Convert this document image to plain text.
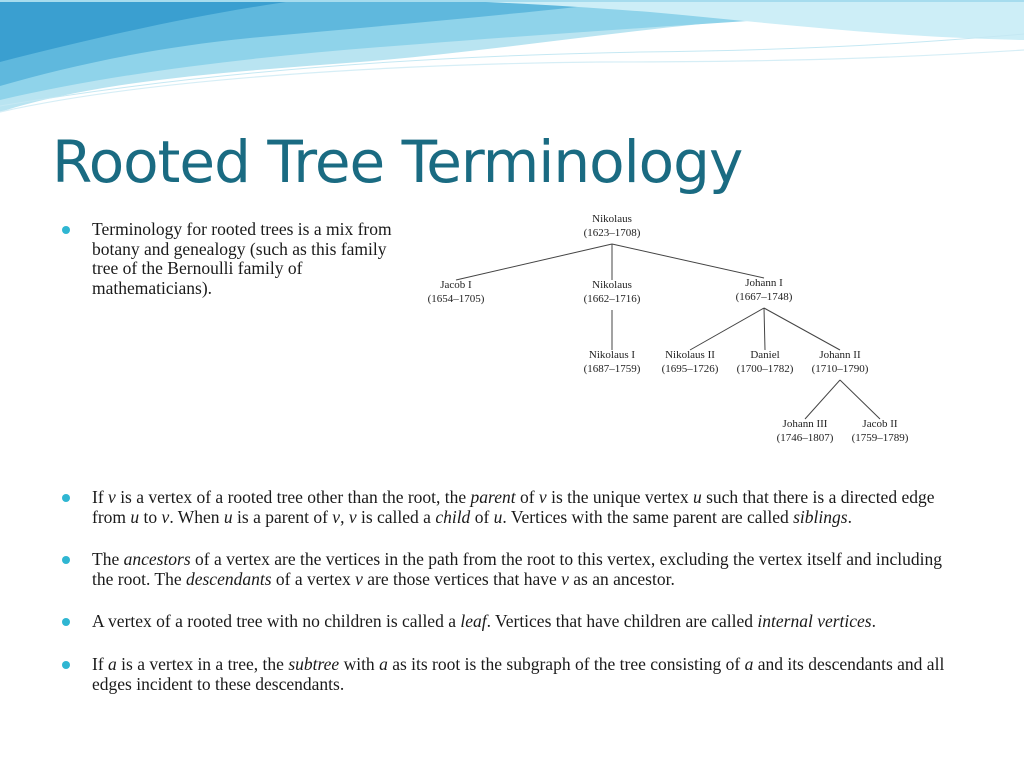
Rooted Tree Terminology
Terminology for rooted trees is a mix from botany and genealogy (such as this family tree of the Bernoulli family of mathematicians).
Nikolaus
(1623–1708)
Jacob I
(1654–1705)
Nikolaus
(1662–1716)
Johann I
(1667–1748)
Nikolaus I
(1687–1759)
Nikolaus II
(1695–1726)
Daniel
(1700–1782)
Johann II
(1710–1790)
Johann III
(1746–1807)
Jacob II
(1759–1789)
If v is a vertex of a rooted tree other than the root, the parent of v is the unique vertex u such that there is a directed edge from u to v. When u is a parent of v, v is called a child of u. Vertices with the same parent are called siblings.
The ancestors of a vertex are the vertices in the path from the root to this vertex, excluding the vertex itself and including the root. The descendants of a vertex v are those vertices that have v as an ancestor.
A vertex of a rooted tree with no children is called a leaf. Vertices that have children are called internal vertices.
If a is a vertex in a tree, the subtree with a as its root is the subgraph of the tree consisting of a and its descendants and all edges incident to these descendants.
